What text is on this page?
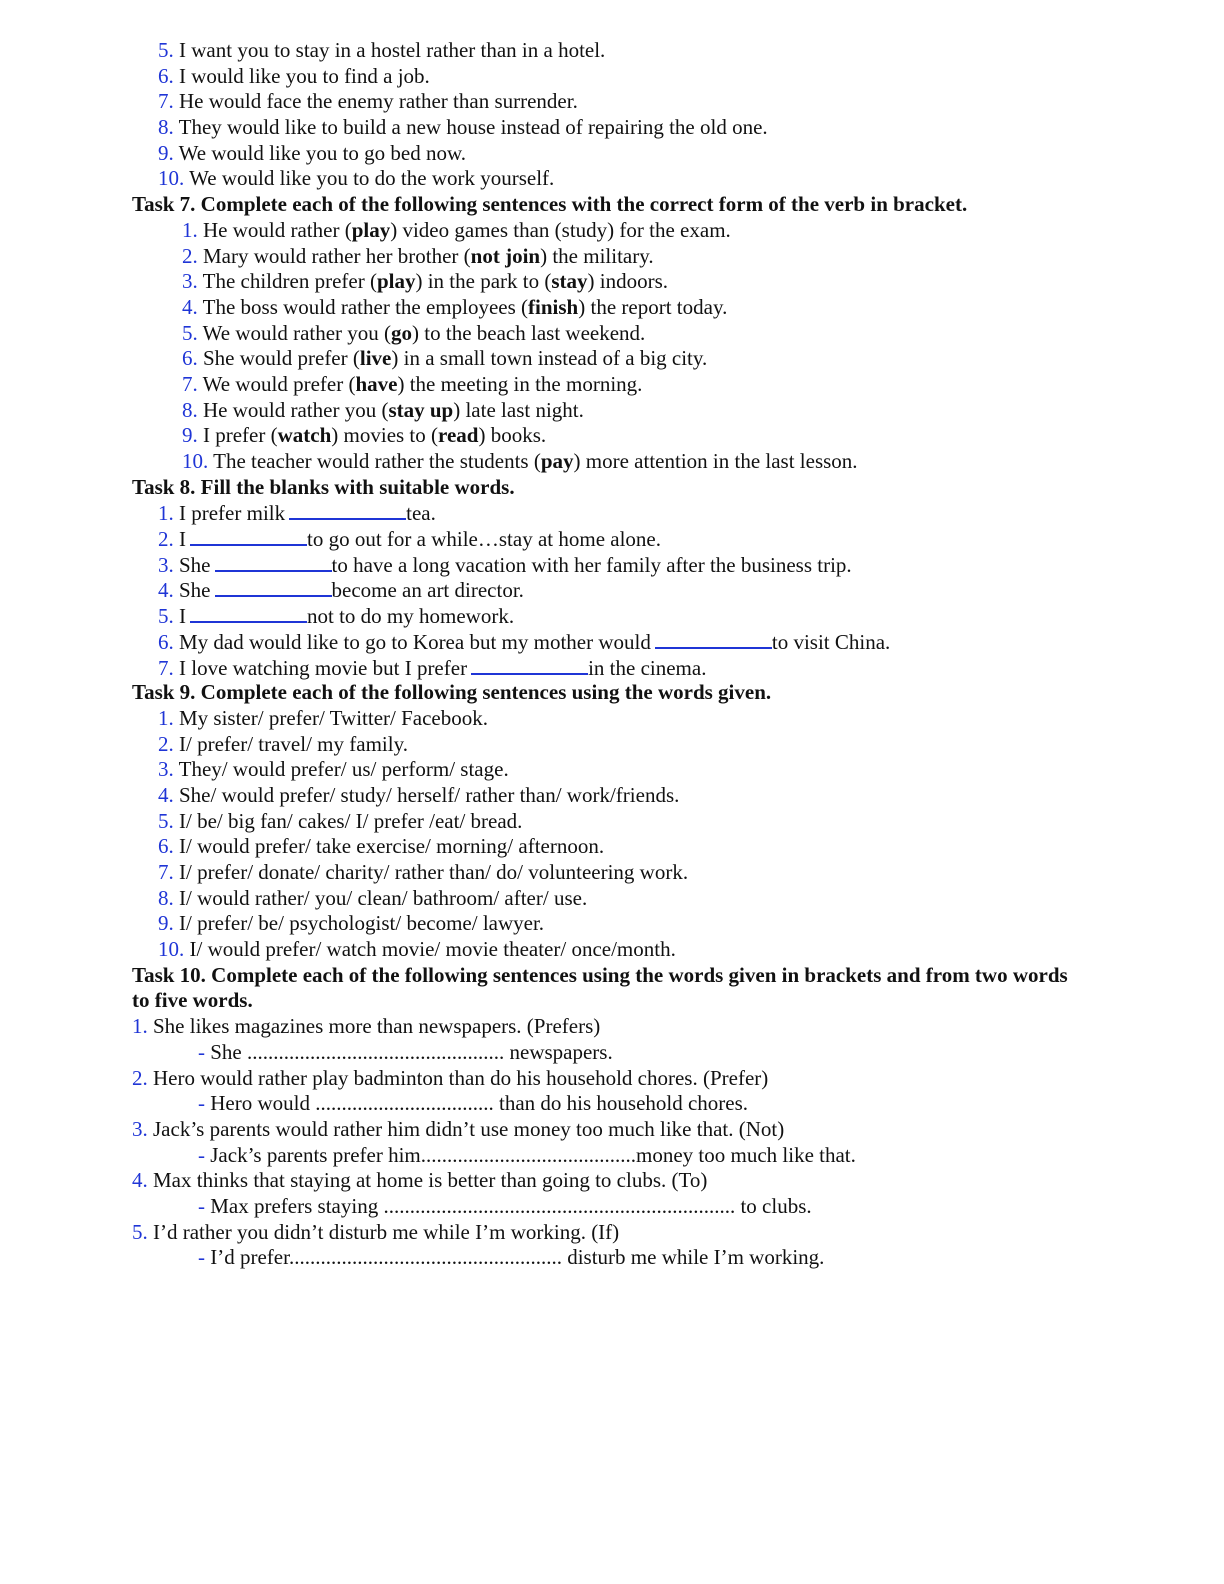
5. I want you to stay in a hostel rather than in a hotel.
6. I would like you to find a job.
7. He would face the enemy rather than surrender.
8. They would like to build a new house instead of repairing the old one.
9. We would like you to go bed now.
10. We would like you to do the work yourself.
Task 7. Complete each of the following sentences with the correct form of the verb in bracket.
1. He would rather (play) video games than (study) for the exam.
2. Mary would rather her brother (not join) the military.
3. The children prefer (play) in the park to (stay) indoors.
4. The boss would rather the employees (finish) the report today.
5. We would rather you (go) to the beach last weekend.
6. She would prefer (live) in a small town instead of a big city.
7. We would prefer (have) the meeting in the morning.
8. He would rather you (stay up) late last night.
9. I prefer (watch) movies to (read) books.
10. The teacher would rather the students (pay) more attention in the last lesson.
Task 8. Fill the blanks with suitable words.
1. I prefer milk	tea.
2. I	to go out for a while…stay at home alone.
3. She	to have a long vacation with her family after the business trip.
4. She	become an art director.
5. I	not to do my homework.
6. My dad would like to go to Korea but my mother would	to visit China.
7. I love watching movie but I prefer	in the cinema.
Task 9. Complete each of the following sentences using the words given.
1. My sister/ prefer/ Twitter/ Facebook.
2. I/ prefer/ travel/ my family.
3. They/ would prefer/ us/ perform/ stage.
4. She/ would prefer/ study/ herself/ rather than/ work/friends.
5. I/ be/ big fan/ cakes/ I/ prefer /eat/ bread.
6. I/ would prefer/ take exercise/ morning/ afternoon.
7. I/ prefer/ donate/ charity/ rather than/ do/ volunteering work.
8. I/ would rather/ you/ clean/ bathroom/ after/ use.
9. I/ prefer/ be/ psychologist/ become/ lawyer.
10. I/ would prefer/ watch movie/ movie theater/ once/month.
Task 10. Complete each of the following sentences using the words given in brackets and from two words to five words.
1. She likes magazines more than newspapers. (Prefers)
- She ................................................. newspapers.
2. Hero would rather play badminton than do his household chores. (Prefer)
- Hero would .................................. than do his household chores.
3. Jack’s parents would rather him didn’t use money too much like that. (Not)
- Jack’s parents prefer him.........................................money too much like that.
4. Max thinks that staying at home is better than going to clubs. (To)
- Max prefers staying ................................................................... to clubs.
5. I’d rather you didn’t disturb me while I’m working. (If)
- I’d prefer.................................................... disturb me while I’m working.
